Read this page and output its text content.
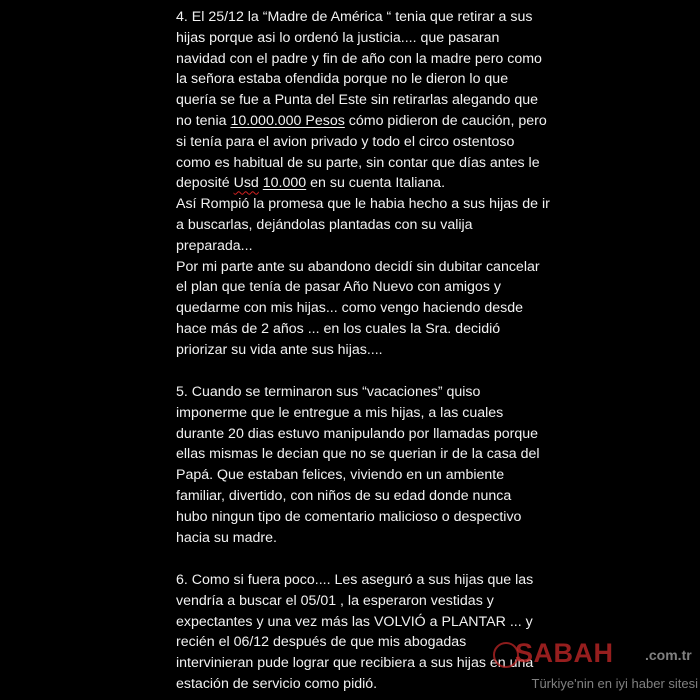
4. El 25/12 la “Madre de América “ tenia que retirar a sus
hijas porque asi lo ordenó la justicia.... que pasaran
navidad con el padre y fin de año con la madre pero como
la señora estaba ofendida porque no le dieron lo que
quería se fue a Punta del Este sin retirarlas alegando que
no tenia 10.000.000 Pesos cómo pidieron de caución, pero
si tenía para el avion privado y todo el circo ostentoso
como es habitual de su parte, sin contar que días antes le
deposité Usd 10.000 en su cuenta Italiana.
Así Rompió la promesa que le habia hecho a sus hijas de ir
a buscarlas, dejándolas plantadas con su valija
preparada...
Por mi parte ante su abandono decidí sin dubitar cancelar
el plan que tenía de pasar Año Nuevo con amigos y
quedarme con mis hijas... como vengo haciendo desde
hace más de 2 años ... en los cuales la Sra. decidió
priorizar su vida ante sus hijas....

5. Cuando se terminaron sus “vacaciones” quiso
imponerme que le entregue a mis hijas, a las cuales
durante 20 dias estuvo manipulando por llamadas porque
ellas mismas le decian que no se querian ir de la casa del
Papá. Que estaban felices, viviendo en un ambiente
familiar, divertido, con niños de su edad donde nunca
hubo ningun tipo de comentario malicioso o despectivo
hacia su madre.

6. Como si fuera poco.... Les aseguró a sus hijas que las
vendría a buscar el 05/01 , la esperaron vestidas y
expectantes y una vez más las VOLVIÓ a PLANTAR ... y
recién el 06/12 después de que mis abogadas
intervinieran pude lograr que recibiera a sus hijas en una
estación de servicio como pidió.

SABAH .com.tr
Türkiye'nin en iyi haber sitesi
